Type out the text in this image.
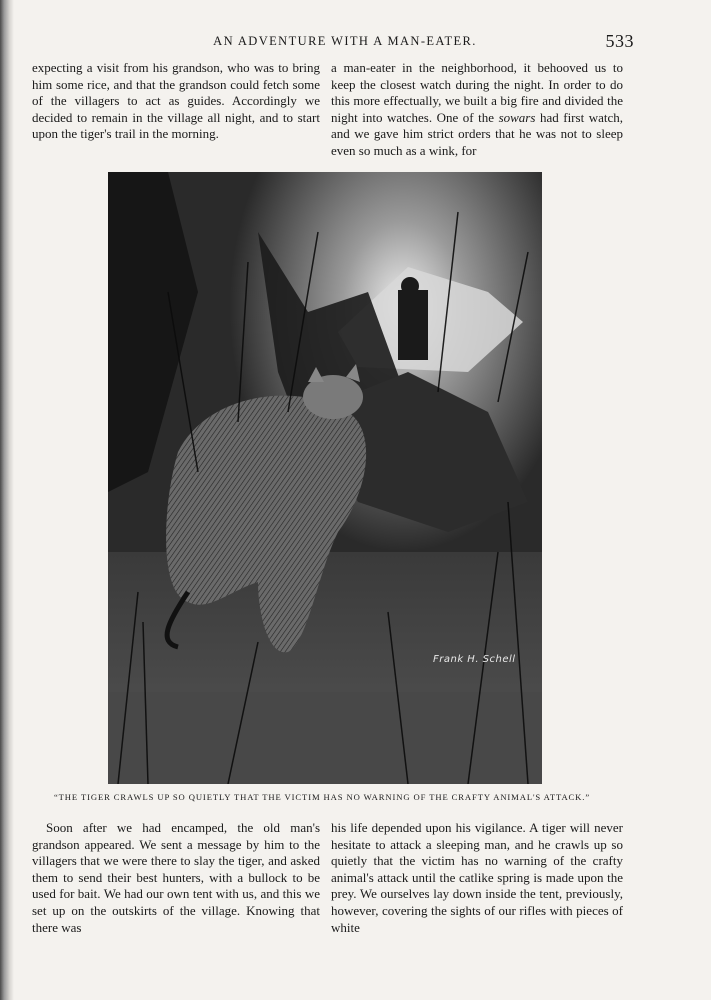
AN ADVENTURE WITH A MAN-EATER.	533

expecting a visit from his grandson, who was to bring him some rice, and that the grandson could fetch some of the villagers to act as guides. Accordingly we decided to remain in the village all night, and to start upon the tiger's trail in the morning.

a man-eater in the neighborhood, it behooved us to keep the closest watch during the night. In order to do this more effectually, we built a big fire and divided the night into watches. One of the sowars had first watch, and we gave him strict orders that he was not to sleep even so much as a wink, for

Frank H. Schell
“THE TIGER CRAWLS UP SO QUIETLY THAT THE VICTIM HAS NO WARNING OF THE CRAFTY ANIMAL'S ATTACK.”

Soon after we had encamped, the old man's grandson appeared. We sent a message by him to the villagers that we were there to slay the tiger, and asked them to send their best hunters, with a bullock to be used for bait. We had our own tent with us, and this we set up on the outskirts of the village. Knowing that there was

his life depended upon his vigilance. A tiger will never hesitate to attack a sleeping man, and he crawls up so quietly that the victim has no warning of the crafty animal's attack until the catlike spring is made upon the prey. We ourselves lay down inside the tent, previously, however, covering the sights of our rifles with pieces of white
